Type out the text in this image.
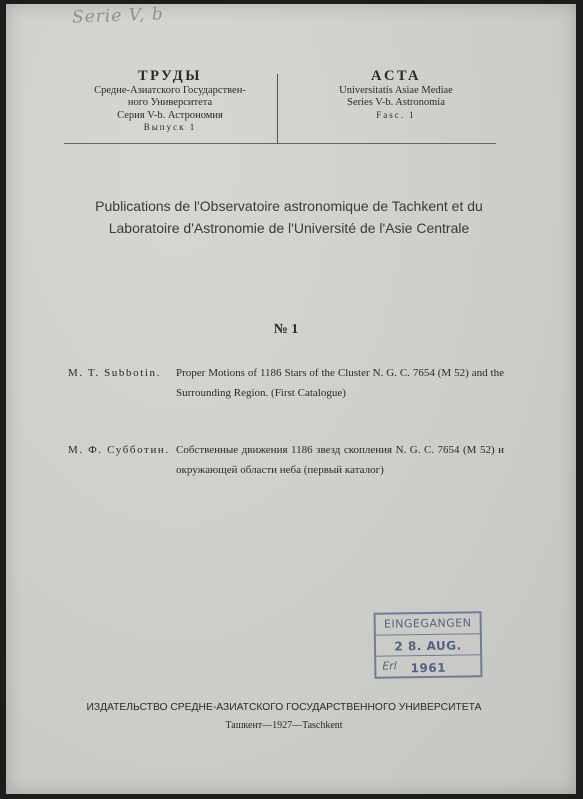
Serie V, b
ТРУДЫ
Средне-Азиатского Государствен-
ного Университета
Серия V-b. Астрономия
Выпуск 1
ACTA
Universitatis Asiae Mediae
Series V-b. Astronomia
Fasc. 1
Publications de l'Observatoire astronomique de Tachkent et du
Laboratoire d'Astronomie de l'Université de l'Asie Centrale
№ 1
M. T. Subbotin.	Proper Motions of 1186 Stars of the Cluster N. G. C. 7654 (M 52) and the Surrounding Region. (First Catalogue)
М. Ф. Субботин. Собственные движения 1186 звезд скопления N. G. C. 7654 (М 52) и окружающей области неба (первый каталог)
EINGEGANGEN
2 8. AUG. 1961
Erl
ИЗДАТЕЛЬСТВО СРЕДНЕ-АЗИАТСКОГО ГОСУДАРСТВЕННОГО УНИВЕРСИТЕТА
Ташкент—1927—Taschkent
